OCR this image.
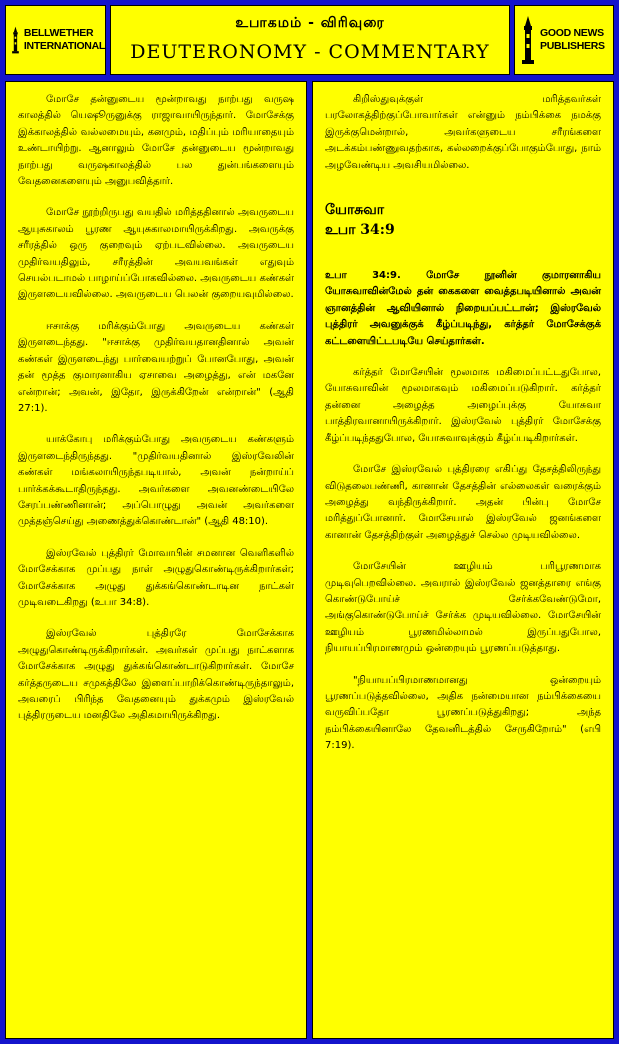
BELLWETHER
INTERNATIONAL
உபாகமம் - விரிவுரை
DEUTERONOMY - COMMENTARY
GOOD NEWS
PUBLISHERS

மோசே தன்னுடைய மூன்றாவது நாற்பது வருஷ காலத்தில் யெஷூருனுக்கு ராஜாவாயிருந்தார். மோசேக்கு இக்காலத்தில் வல்லமையும், கனமும், மதிப்பும் மரியாதையும் உண்டாயிற்று. ஆனாலும் மோசே தன்னுடைய மூன்றாவது நாற்பது வருஷகாலத்தில் பல துன்பங்களையும் வேதனைகளையும் அனுபவித்தார்.

மோசே நூற்றிருபது வயதில் மரித்ததினால் அவருடைய ஆயுசுகாலம் பூரண ஆயுசுகாலமாயிருக்கிறது. அவருக்கு சரீரத்தில் ஒரு குறைவும் ஏற்படவில்லை. அவருடைய முதிர்வயதிலும், சரீரத்தின் அவயவங்கள் எதுவும் செயல்படாமல் பாழாய்ப்போகவில்லை. அவருடைய கண்கள் இருளடையவில்லை. அவருடைய பெலன் குறையவுமில்லை.

ஈசாக்கு மரிக்கும்போது அவருடைய கண்கள் இருளடைந்தது. "ஈசாக்கு முதிர்வயதானதினால் அவன் கண்கள் இருளடைந்து பார்வையற்றுப் போனபோது, அவன் தன் மூத்த குமாரனாகிய ஏசாவை அழைத்து, என் மகனே என்றான்; அவன், இதோ, இருக்கிறேன் என்றான்" (ஆதி 27:1).

யாக்கோபு மரிக்கும்போது அவருடைய கண்களும் இருளடைந்திருந்தது. "முதிர்வயதினால் இஸ்ரவேலின் கண்கள் மங்கலாயிருந்தபடியால், அவன் நன்றாய்ப் பார்க்கக்கூடாதிருந்தது. அவர்களை அவனண்டையிலே சேரப்பண்ணினான்; அப்பொழுது அவன் அவர்களை முத்தஞ்செய்து அணைத்துக்கொண்டான்" (ஆதி 48:10).

இஸ்ரவேல் புத்திரர் மோவாபின் சமனான வெளிகளில் மோசேக்காக முப்பது நாள் அழுதுகொண்டிருக்கிறார்கள்; மோசேக்காக அழுது துக்கங்கொண்டாடின நாட்கள் முடிவடைகிறது (உபா 34:8).

இஸ்ரவேல் புத்திரரே மோசேக்காக அழுதுகொண்டிருக்கிறார்கள். அவர்கள் முப்பது நாட்களாக மோசேக்காக அழுது துக்கங்கொண்டாடுகிறார்கள். மோசே கர்த்தருடைய சமுகத்திலே இளைப்பாறிக்கொண்டிருந்தாலும், அவரைப் பிரிந்த வேதனையும் துக்கமும் இஸ்ரவேல் புத்திரருடைய மனதிலே அதிகமாயிருக்கிறது.

கிறிஸ்துவுக்குள் மரித்தவர்கள் பரலோகத்திற்குப்போவார்கள் என்னும் நம்பிக்கை நமக்கு இருக்குமென்றால், அவர்களுடைய சரீரங்களை அடக்கம்பண்ணுவதற்காக, கல்லறைக்குப்போகும்போது, நாம் அழவேண்டிய அவசியமில்லை.

யோசுவா
உபா 34:9

உபா 34:9. மோசே நூனின் குமாரனாகிய யோசுவாவின்மேல் தன் கைகளை வைத்தபடியினால் அவன் ஞானத்தின் ஆவியினால் நிறையப்பட்டான்; இஸ்ரவேல் புத்திரர் அவனுக்குக் கீழ்ப்படிந்து, கர்த்தர் மோசேக்குக் கட்டளையிட்டபடியே செய்தார்கள்.

கர்த்தர் மோசேயின் மூலமாக மகிமைப்பட்டதுபோல, யோசுவாவின் மூலமாகவும் மகிமைப்படுகிறார். கர்த்தர் தன்னை அழைத்த அழைப்புக்கு யோசுவா பாத்திரவானாயிருக்கிறார். இஸ்ரவேல் புத்திரர் மோசேக்கு கீழ்ப்படிந்ததுபோல, யோசுவாவுக்கும் கீழ்ப்படிகிறார்கள்.

மோசே இஸ்ரவேல் புத்திரரை எகிப்து தேசத்திலிருந்து விடுதலைபண்ணி, கானான் தேசத்தின் எல்லைகள் வரைக்கும் அழைத்து வந்திருக்கிறார். அதன் பின்பு மோசே மரித்துப்போனார். மோசேயால் இஸ்ரவேல் ஜனங்களை கானான் தேசத்திற்குள் அழைத்துச் செல்ல முடியவில்லை.

மோசேயின் ஊழியம் பரிபூரணமாக முடிவுபெறவில்லை. அவரால் இஸ்ரவேல் ஜனத்தாரை எங்கு கொண்டுபோய்ச் சேர்க்கவேண்டுமோ, அங்குகொண்டுபோய்ச் சேர்க்க முடியவில்லை. மோசேயின் ஊழியம் பூரணமில்லாமல் இருப்பதுபோல, நியாயப்பிரமாணமும் ஒன்றையும் பூரணப்படுத்தாது.

"நியாயப்பிரமாணமானது ஒன்றையும் பூரணப்படுத்தவில்லை, அதிக நன்மையான நம்பிக்கையை வருவிப்பதோ பூரணப்படுத்துகிறது; அந்த நம்பிக்கையினாலே தேவனிடத்தில் சேருகிறோம்" (எபி 7:19).
